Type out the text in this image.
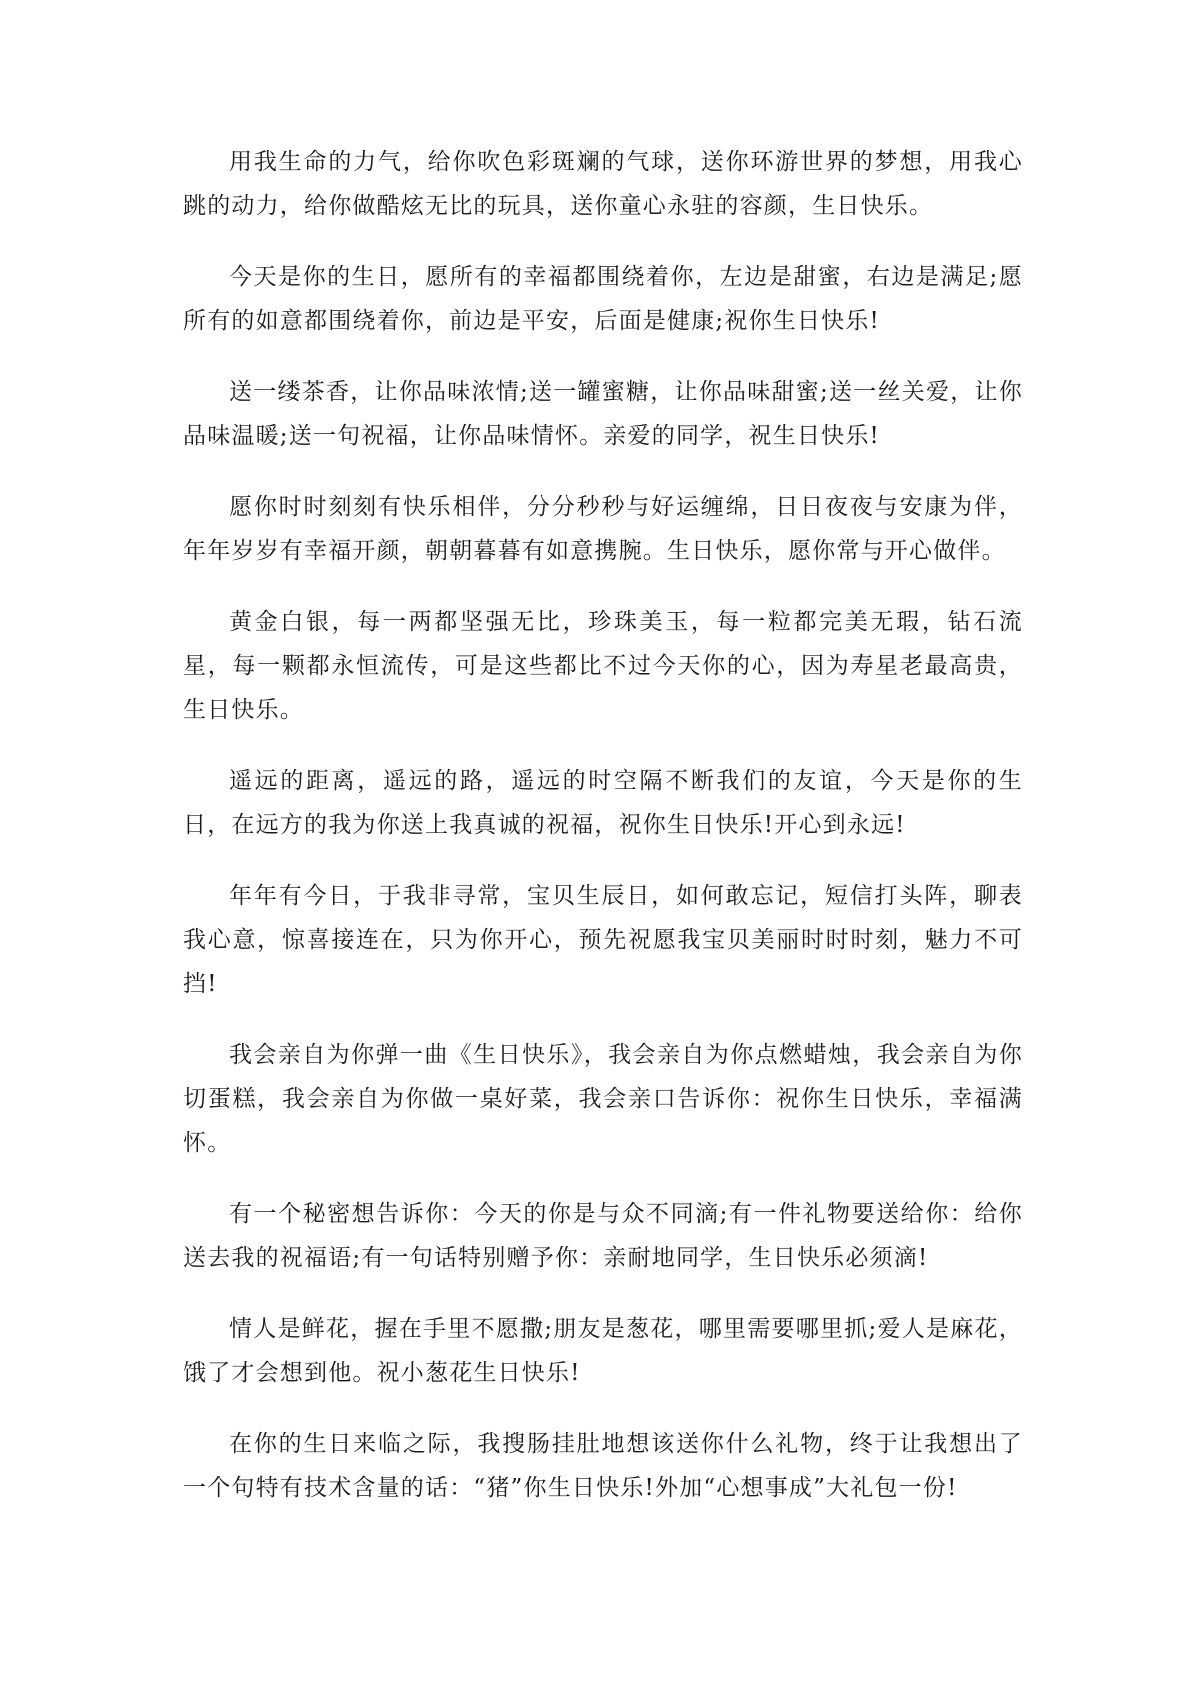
用我生命的力气，给你吹色彩斑斓的气球，送你环游世界的梦想，用我心跳的动力，给你做酷炫无比的玩具，送你童心永驻的容颜，生日快乐。

今天是你的生日，愿所有的幸福都围绕着你，左边是甜蜜，右边是满足;愿所有的如意都围绕着你，前边是平安，后面是健康;祝你生日快乐!

送一缕茶香，让你品味浓情;送一罐蜜糖，让你品味甜蜜;送一丝关爱，让你品味温暖;送一句祝福，让你品味情怀。亲爱的同学，祝生日快乐!

愿你时时刻刻有快乐相伴，分分秒秒与好运缠绵，日日夜夜与安康为伴，年年岁岁有幸福开颜，朝朝暮暮有如意携腕。生日快乐，愿你常与开心做伴。

黄金白银，每一两都坚强无比，珍珠美玉，每一粒都完美无瑕，钻石流星，每一颗都永恒流传，可是这些都比不过今天你的心，因为寿星老最高贵，生日快乐。

遥远的距离，遥远的路，遥远的时空隔不断我们的友谊，今天是你的生日，在远方的我为你送上我真诚的祝福，祝你生日快乐!开心到永远!

年年有今日，于我非寻常，宝贝生辰日，如何敢忘记，短信打头阵，聊表我心意，惊喜接连在，只为你开心，预先祝愿我宝贝美丽时时时刻，魅力不可挡!

我会亲自为你弹一曲《生日快乐》，我会亲自为你点燃蜡烛，我会亲自为你切蛋糕，我会亲自为你做一桌好菜，我会亲口告诉你：祝你生日快乐，幸福满怀。

有一个秘密想告诉你：今天的你是与众不同滴;有一件礼物要送给你：给你送去我的祝福语;有一句话特别赠予你：亲耐地同学，生日快乐必须滴!

情人是鲜花，握在手里不愿撒;朋友是葱花，哪里需要哪里抓;爱人是麻花，饿了才会想到他。祝小葱花生日快乐!

在你的生日来临之际，我搜肠挂肚地想该送你什么礼物，终于让我想出了一个句特有技术含量的话：“猪”你生日快乐!外加“心想事成”大礼包一份!
